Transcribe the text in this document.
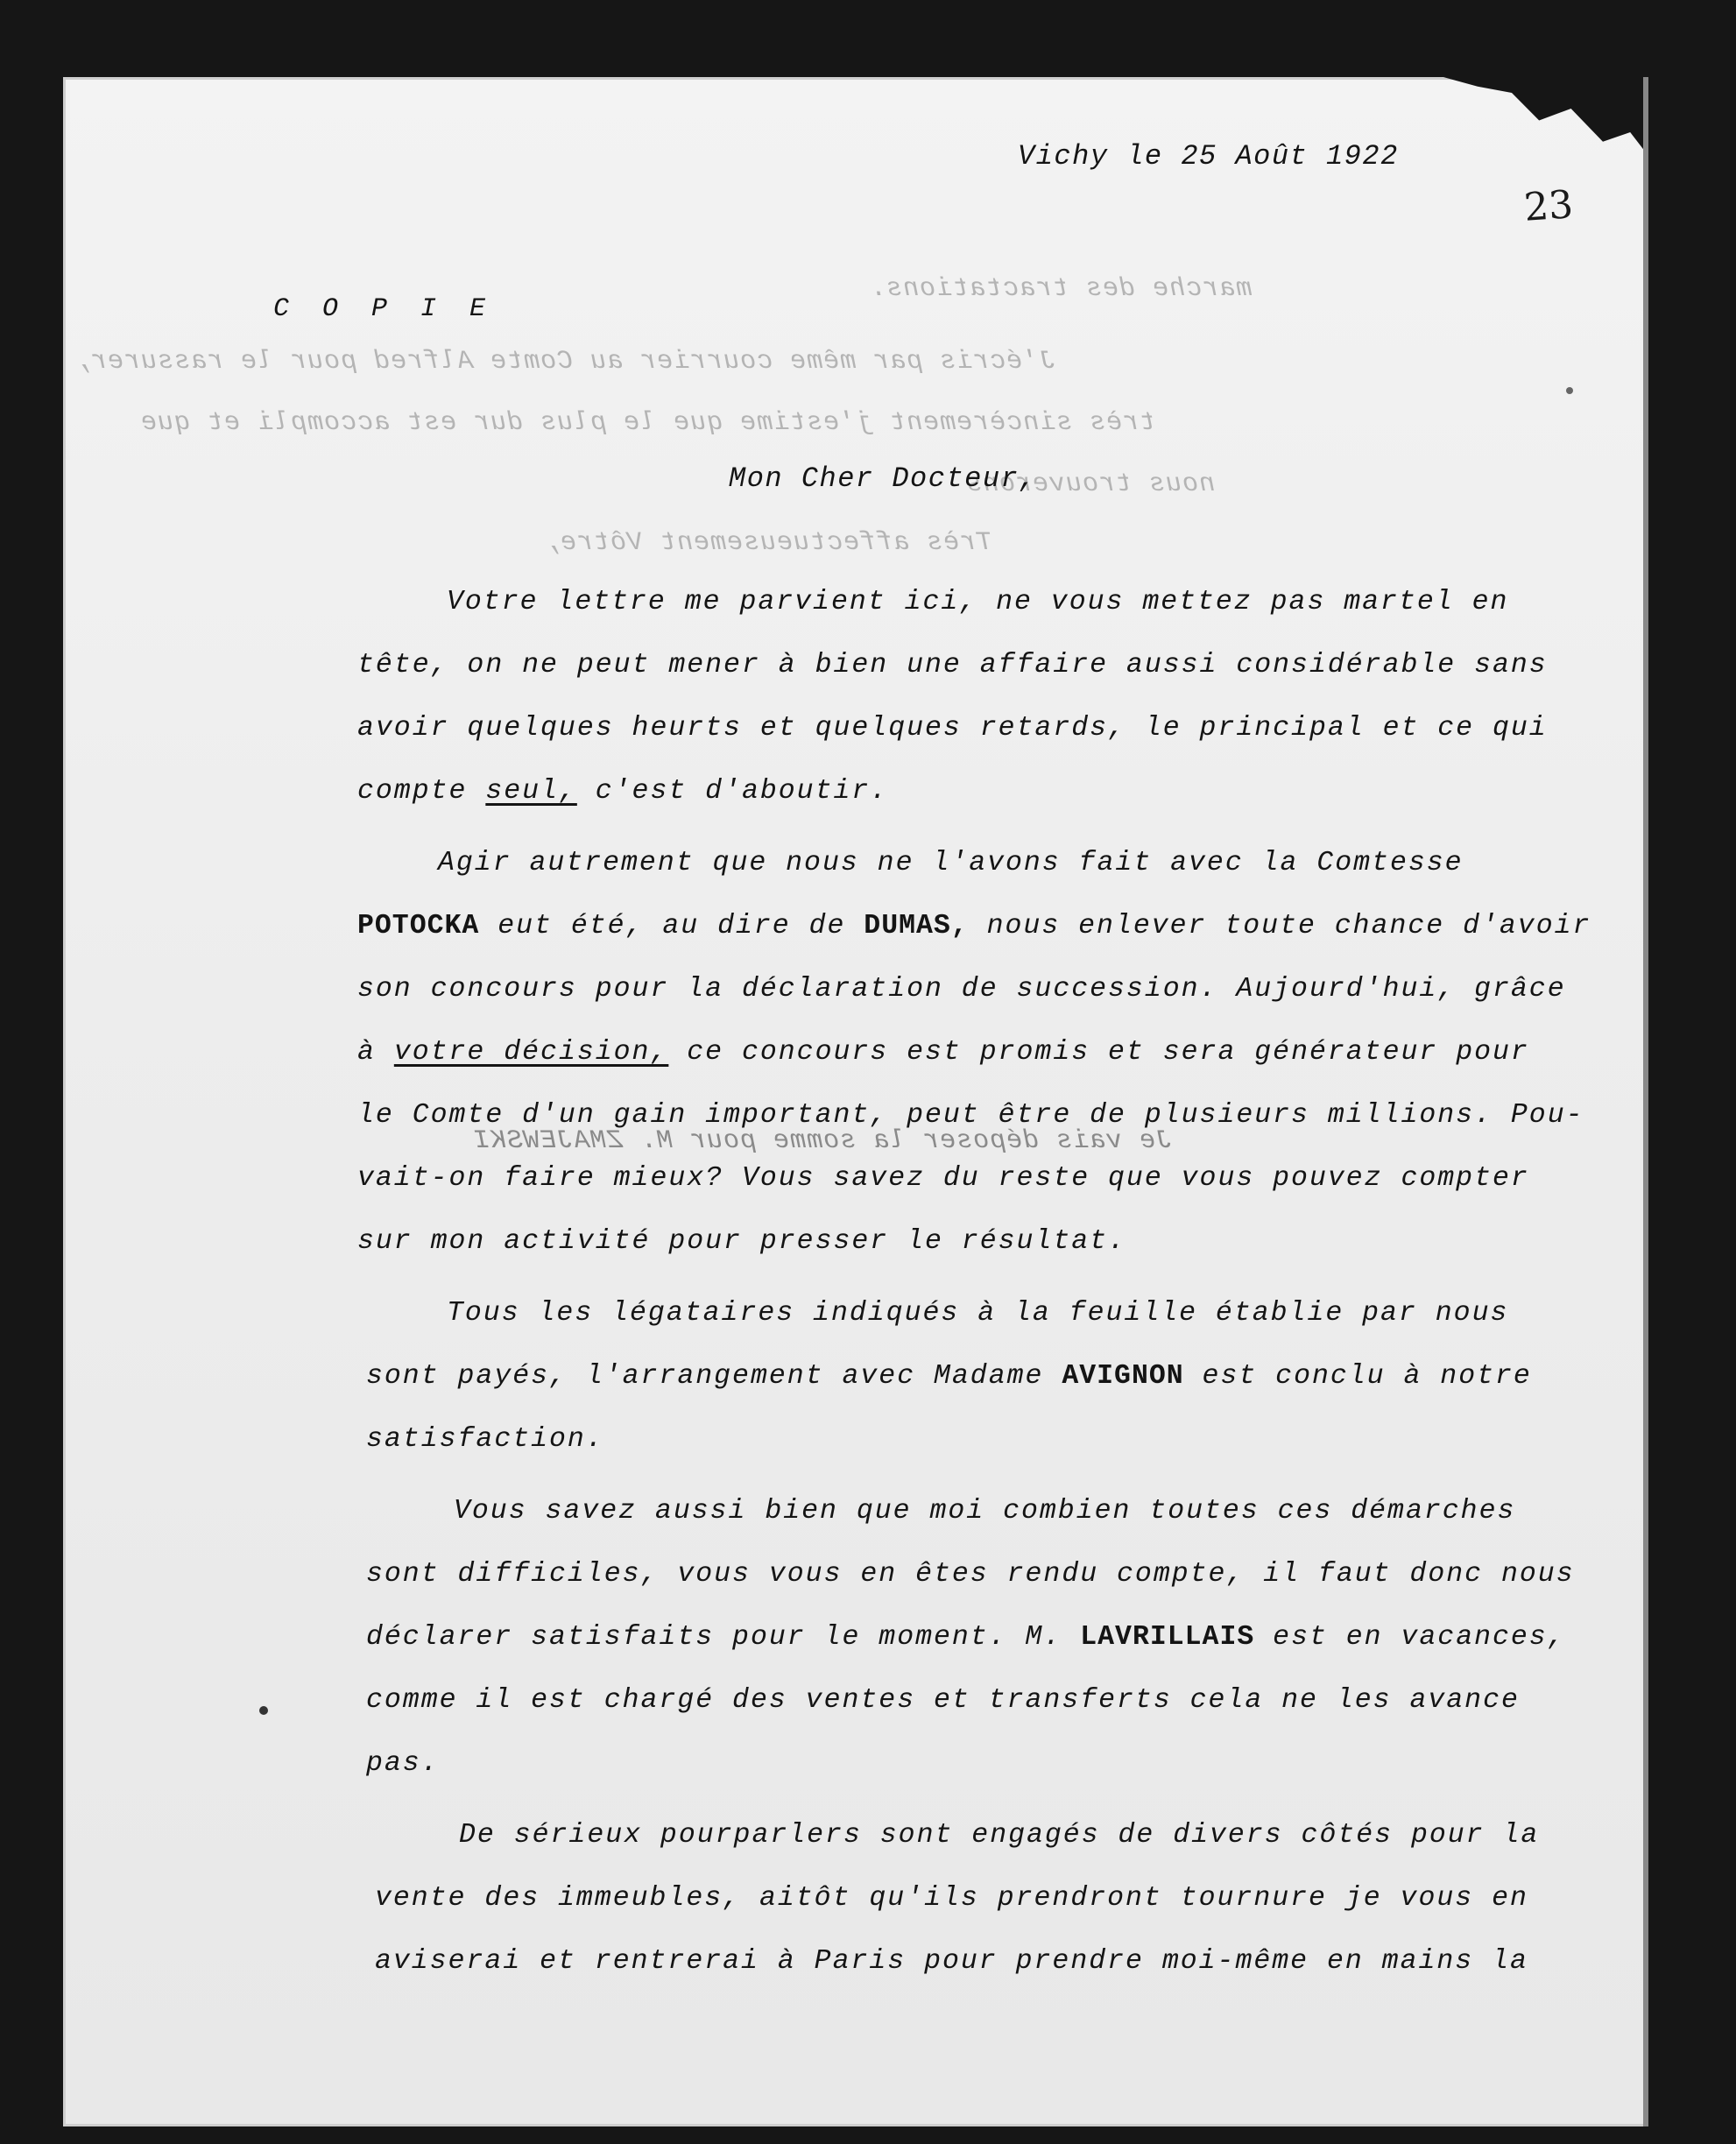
marche des tractations.
J'écris par même courrier au Comte Alfred pour le rassurer,
très sincèrement j'estime que le plus dur est accompli et que
nous trouverons
Très affectueusement Vôtre,
Je vais déposer la somme pour M. ZMAJEWSKI
Vichy le 25 Août 1922
23
C O P I E
Mon Cher Docteur,
Votre lettre me parvient ici, ne vous mettez pas martel en
tête, on ne peut mener à bien une affaire aussi considérable sans
avoir quelques heurts et quelques retards, le principal et ce qui
compte seul, c'est d'aboutir.
Agir autrement que nous ne l'avons fait avec la Comtesse
POTOCKA eut été, au dire de DUMAS, nous enlever toute chance d'avoir
son concours pour la déclaration de succession. Aujourd'hui, grâce
à votre décision, ce concours est promis et sera générateur pour
le Comte d'un gain important, peut être de plusieurs millions. Pou-
vait-on faire mieux? Vous savez du reste que vous pouvez compter
sur mon activité pour presser le résultat.
Tous les légataires indiqués à la feuille établie par nous
sont payés, l'arrangement avec Madame AVIGNON est conclu à notre
satisfaction.
Vous savez aussi bien que moi combien toutes ces démarches
sont difficiles, vous vous en êtes rendu compte, il faut donc nous
déclarer satisfaits pour le moment. M. LAVRILLAIS est en vacances,
comme il est chargé des ventes et transferts cela ne les avance
pas.
De sérieux pourparlers sont engagés de divers côtés pour la
vente des immeubles, aitôt qu'ils prendront tournure je vous en
aviserai et rentrerai à Paris pour prendre moi-même en mains la
